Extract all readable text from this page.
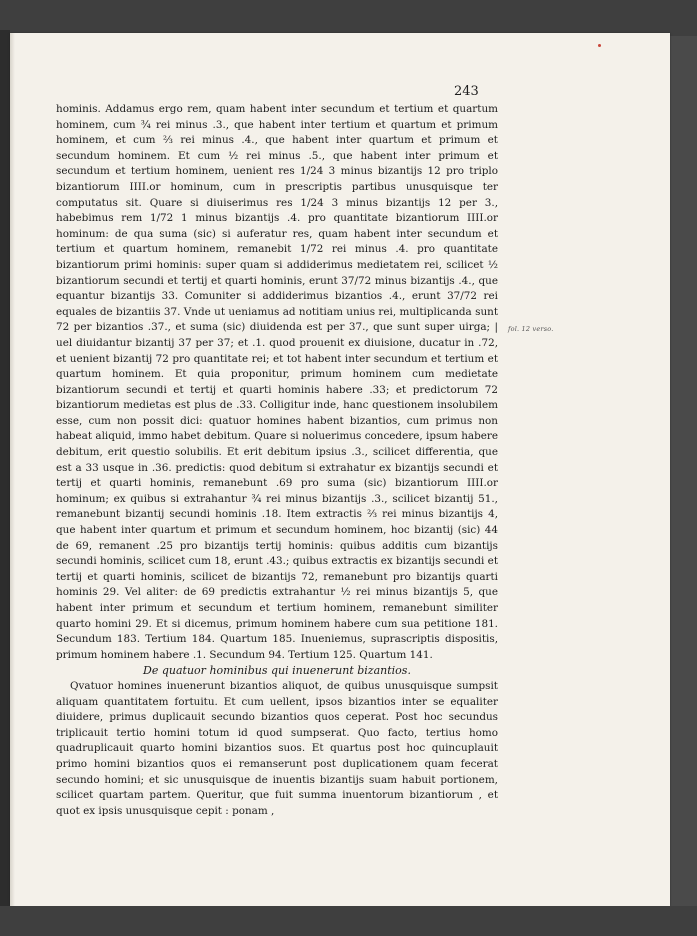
243

hominis. Addamus ergo rem, quam habent inter secundum et tertium et quartum hominem, cum ¾ rei minus .3., que habent inter tertium et quartum et primum hominem, et cum ⅔ rei minus .4., que habent inter quartum et primum et secundum hominem. Et cum ½ rei minus .5., que habent inter primum et secundum et tertium hominem, uenient res 1/24 3 minus bizantijs 12 pro triplo bizantiorum IIII.or hominum, cum in prescriptis partibus unusquisque ter computatus sit. Quare si diuiserimus res 1/24 3 minus bizantijs 12 per 3., habebimus rem 1/72 1 minus bizantijs .4. pro quantitate bizantiorum IIII.or hominum: de qua suma (sic) si auferatur res, quam habent inter secundum et tertium et quartum hominem, remanebit 1/72 rei minus .4. pro quantitate bizantiorum primi hominis: super quam si addiderimus medietatem rei, scilicet ½ bizantiorum secundi et tertij et quarti hominis, erunt 37/72 minus bizantijs .4., que equantur bizantijs 33. Comuniter si addiderimus bizantios .4., erunt 37/72 rei equales de bizantiis 37. Vnde ut ueniamus ad notitiam unius rei, multiplicanda sunt 72 per bizantios .37., et suma (sic) diuidenda est per 37., que sunt super uirga; | uel diuidantur bizantij 37 per 37; et .1. quod prouenit ex diuisione, ducatur in .72, et uenient bizantij 72 pro quantitate rei; et tot habent inter secundum et tertium et quartum hominem. Et quia proponitur, primum hominem cum medietate bizantiorum secundi et tertij et quarti hominis habere .33; et predictorum 72 bizantiorum medietas est plus de .33. Colligitur inde, hanc questionem insolubilem esse, cum non possit dici: quatuor homines habent bizantios, cum primus non habeat aliquid, immo habet debitum. Quare si noluerimus concedere, ipsum habere debitum, erit questio solubilis. Et erit debitum ipsius .3., scilicet differentia, que est a 33 usque in .36. predictis: quod debitum si extrahatur ex bizantijs secundi et tertij et quarti hominis, remanebunt .69 pro suma (sic) bizantiorum IIII.or hominum; ex quibus si extrahantur ¾ rei minus bizantijs .3., scilicet bizantij 51., remanebunt bizantij secundi hominis .18. Item extractis ⅔ rei minus bizantijs 4, que habent inter quartum et primum et secundum hominem, hoc bizantij (sic) 44 de 69, remanent .25 pro bizantijs tertij hominis: quibus additis cum bizantijs secundi hominis, scilicet cum 18, erunt .43.; quibus extractis ex bizantijs secundi et tertij et quarti hominis, scilicet de bizantijs 72, remanebunt pro bizantijs quarti hominis 29. Vel aliter: de 69 predictis extrahantur ½ rei minus bizantijs 5, que habent inter primum et secundum et tertium hominem, remanebunt similiter quarto homini 29. Et si dicemus, primum hominem habere cum sua petitione 181. Secundum 183. Tertium 184. Quartum 185. Inueniemus, suprascriptis dispositis, primum hominem habere .1. Secundum 94. Tertium 125. Quartum 141.

De quatuor hominibus qui inuenerunt bizantios.

Qvatuor homines inuenerunt bizantios aliquot, de quibus unusquisque sumpsit aliquam quantitatem fortuitu. Et cum uellent, ipsos bizantios inter se equaliter diuidere, primus duplicauit secundo bizantios quos ceperat. Post hoc secundus triplicauit tertio homini totum id quod sumpserat. Quo facto, tertius homo quadruplicauit quarto homini bizantios suos. Et quartus post hoc quincuplauit primo homini bizantios quos ei remanserunt post duplicationem quam fecerat secundo homini; et sic unusquisque de inuentis bizantijs suam habuit portionem, scilicet quartam partem. Queritur, que fuit summa inuentorum bizantiorum , et quot ex ipsis unusquisque cepit : ponam ,

fol. 12 verso.
